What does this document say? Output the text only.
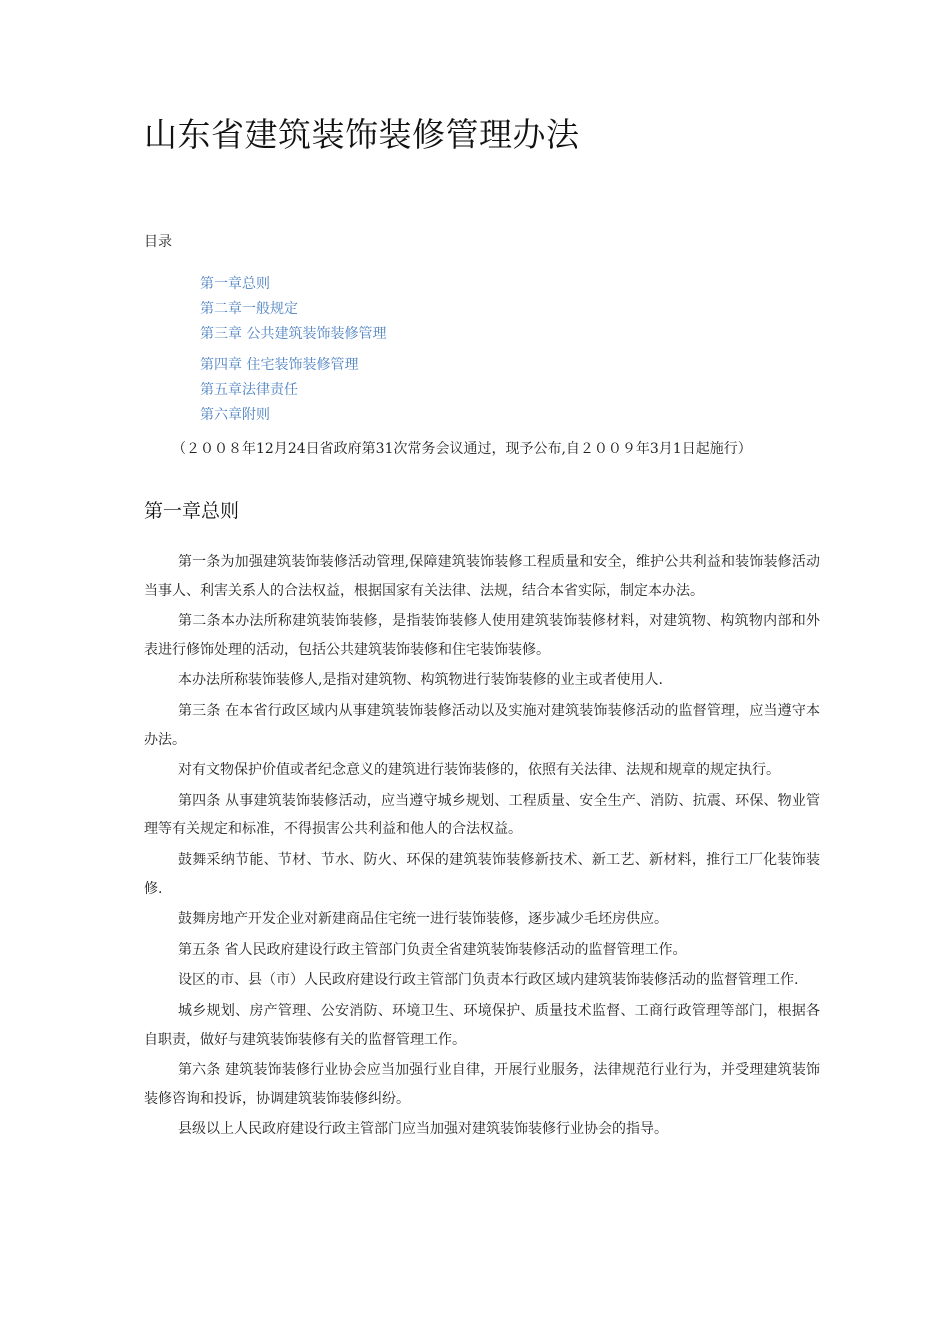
山东省建筑装饰装修管理办法

目录

第一章总则
第二章一般规定
第三章 公共建筑装饰装修管理
第四章 住宅装饰装修管理
第五章法律责任
第六章附则

（２００８年12月24日省政府第31次常务会议通过，现予公布,自２００９年3月1日起施行）

第一章总则

第一条为加强建筑装饰装修活动管理,保障建筑装饰装修工程质量和安全，维护公共利益和装饰装修活动当事人、利害关系人的合法权益，根据国家有关法律、法规，结合本省实际，制定本办法。

第二条本办法所称建筑装饰装修，是指装饰装修人使用建筑装饰装修材料，对建筑物、构筑物内部和外表进行修饰处理的活动，包括公共建筑装饰装修和住宅装饰装修。

本办法所称装饰装修人,是指对建筑物、构筑物进行装饰装修的业主或者使用人.

第三条 在本省行政区域内从事建筑装饰装修活动以及实施对建筑装饰装修活动的监督管理，应当遵守本办法。

对有文物保护价值或者纪念意义的建筑进行装饰装修的，依照有关法律、法规和规章的规定执行。

第四条 从事建筑装饰装修活动，应当遵守城乡规划、工程质量、安全生产、消防、抗震、环保、物业管理等有关规定和标准，不得损害公共利益和他人的合法权益。

鼓舞采纳节能、节材、节水、防火、环保的建筑装饰装修新技术、新工艺、新材料，推行工厂化装饰装修.

鼓舞房地产开发企业对新建商品住宅统一进行装饰装修，逐步减少毛坯房供应。

第五条 省人民政府建设行政主管部门负责全省建筑装饰装修活动的监督管理工作。

设区的市、县（市）人民政府建设行政主管部门负责本行政区域内建筑装饰装修活动的监督管理工作.

城乡规划、房产管理、公安消防、环境卫生、环境保护、质量技术监督、工商行政管理等部门，根据各自职责，做好与建筑装饰装修有关的监督管理工作。

第六条 建筑装饰装修行业协会应当加强行业自律，开展行业服务，法律规范行业行为，并受理建筑装饰装修咨询和投诉，协调建筑装饰装修纠纷。

县级以上人民政府建设行政主管部门应当加强对建筑装饰装修行业协会的指导。
